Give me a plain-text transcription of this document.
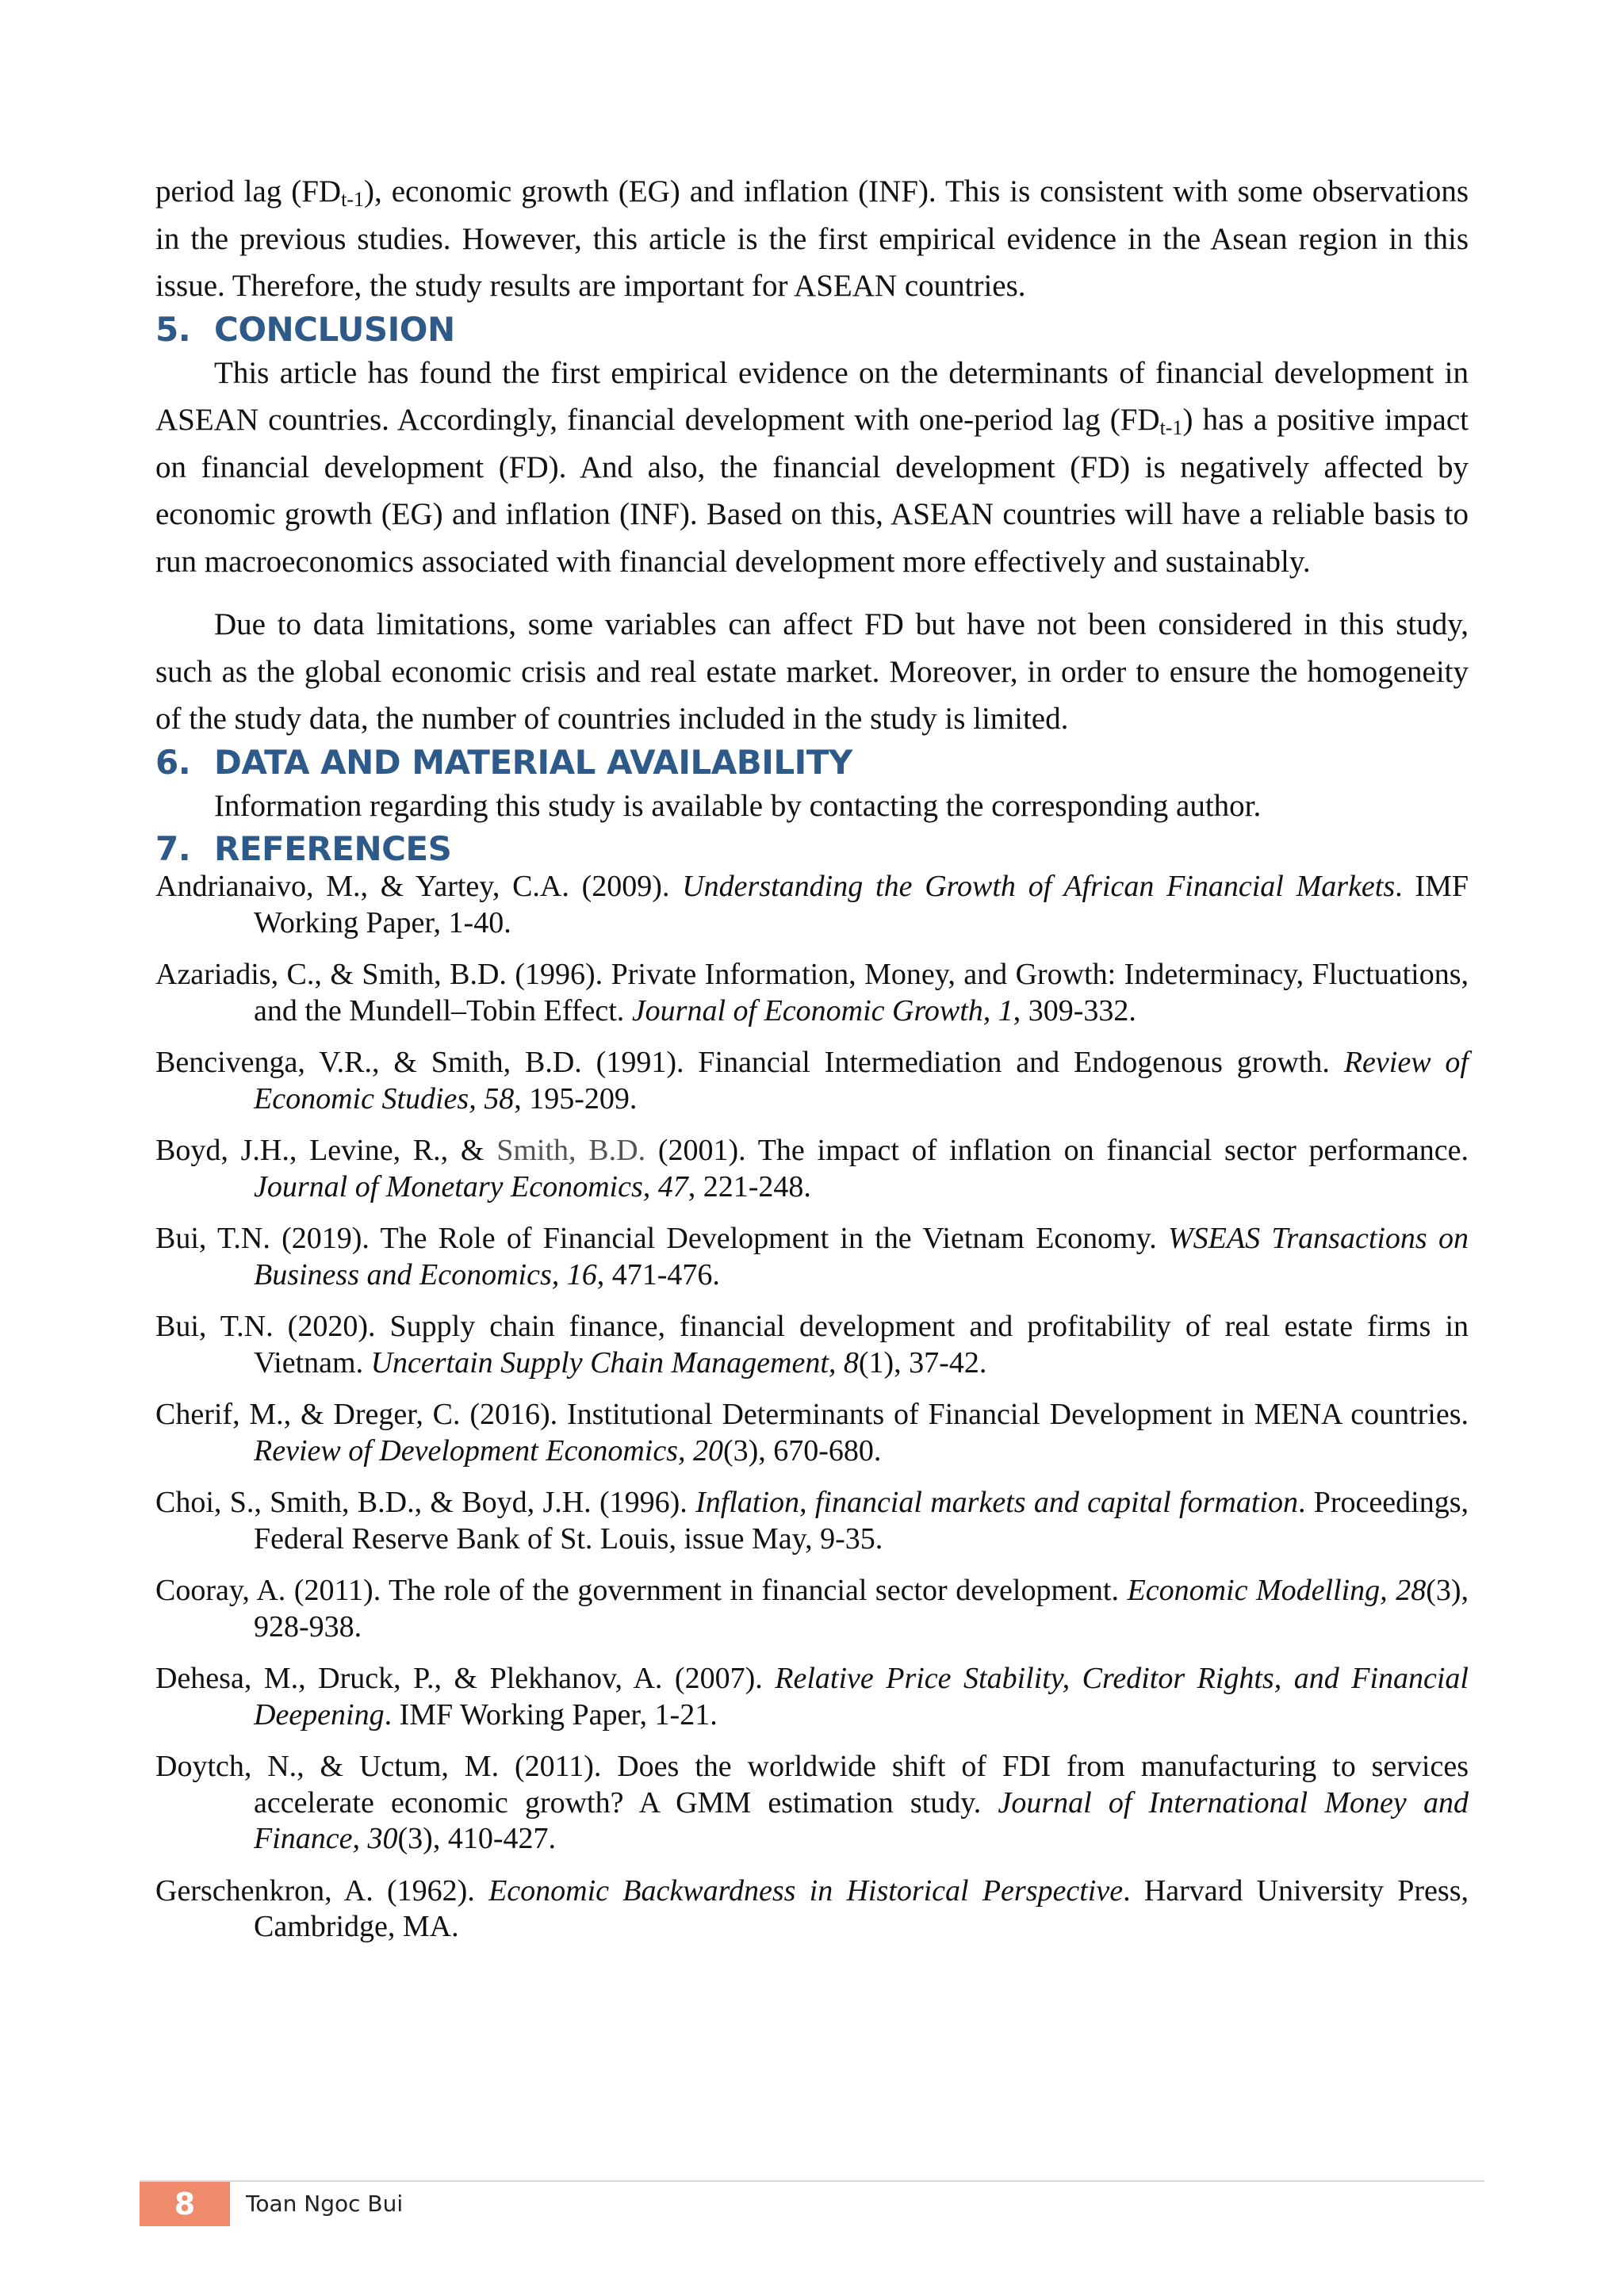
period lag $(FD_{t-1})$, economic growth (EG) and inflation (INF). This is consistent with some observations in the previous studies. However, this article is the first empirical evidence in the Asean region in this issue. Therefore, the study results are important for ASEAN countries.

5. CONCLUSION

This article has found the first empirical evidence on the determinants of financial development in ASEAN countries. Accordingly, financial development with one-period lag $(FD_{t-1})$ has a positive impact on financial development (FD). And also, the financial development (FD) is negatively affected by economic growth (EG) and inflation (INF). Based on this, ASEAN countries will have a reliable basis to run macroeconomics associated with financial development more effectively and sustainably.

Due to data limitations, some variables can affect FD but have not been considered in this study, such as the global economic crisis and real estate market. Moreover, in order to ensure the homogeneity of the study data, the number of countries included in the study is limited.

6. DATA AND MATERIAL AVAILABILITY

Information regarding this study is available by contacting the corresponding author.

7. REFERENCES
Andrianaivo, M., & Yartey, C.A. (2009). Understanding the Growth of African Financial Markets. IMF Working Paper, 1-40.
Azariadis, C., & Smith, B.D. (1996). Private Information, Money, and Growth: Indeterminacy, Fluctuations, and the Mundell–Tobin Effect. Journal of Economic Growth, 1, 309-332.
Bencivenga, V.R., & Smith, B.D. (1991). Financial Intermediation and Endogenous growth. Review of Economic Studies, 58, 195-209.
Boyd, J.H., Levine, R., & Smith, B.D. (2001). The impact of inflation on financial sector performance. Journal of Monetary Economics, 47, 221-248.
Bui, T.N. (2019). The Role of Financial Development in the Vietnam Economy. WSEAS Transactions on Business and Economics, 16, 471-476.
Bui, T.N. (2020). Supply chain finance, financial development and profitability of real estate firms in Vietnam. Uncertain Supply Chain Management, 8(1), 37-42.
Cherif, M., & Dreger, C. (2016). Institutional Determinants of Financial Development in MENA countries. Review of Development Economics, 20(3), 670-680.
Choi, S., Smith, B.D., & Boyd, J.H. (1996). Inflation, financial markets and capital formation. Proceedings, Federal Reserve Bank of St. Louis, issue May, 9-35.
Cooray, A. (2011). The role of the government in financial sector development. Economic Modelling, 28(3), 928-938.
Dehesa, M., Druck, P., & Plekhanov, A. (2007). Relative Price Stability, Creditor Rights, and Financial Deepening. IMF Working Paper, 1-21.
Doytch, N., & Uctum, M. (2011). Does the worldwide shift of FDI from manufacturing to services accelerate economic growth? A GMM estimation study. Journal of International Money and Finance, 30(3), 410-427.
Gerschenkron, A. (1962). Economic Backwardness in Historical Perspective. Harvard University Press, Cambridge, MA.
8	Toan Ngoc Bui
